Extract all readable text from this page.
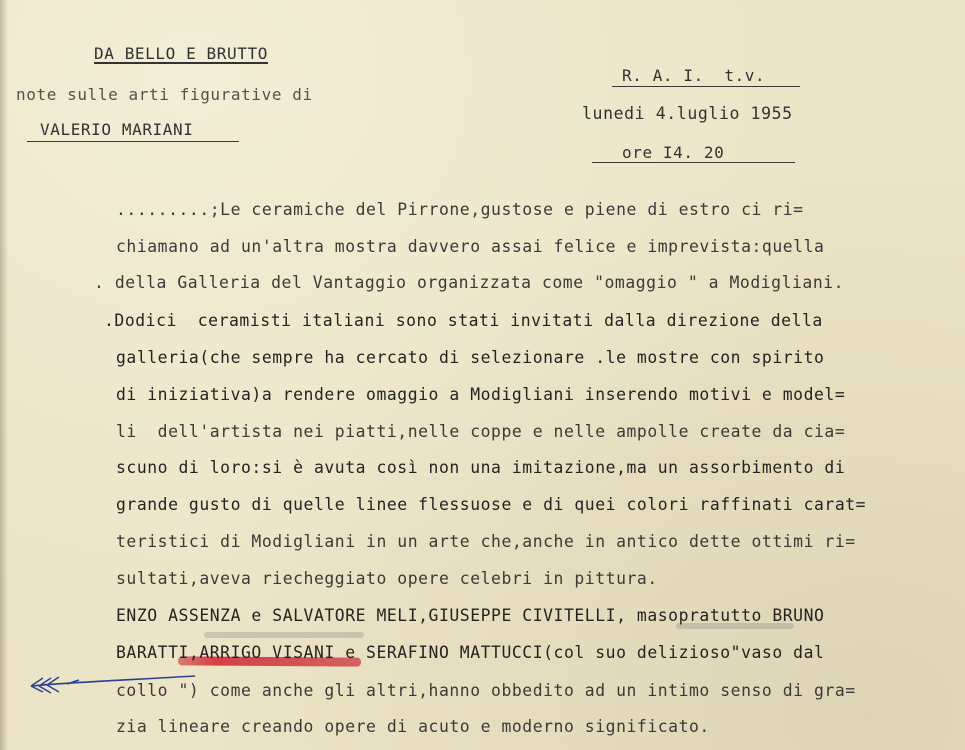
DA BELLO E BRUTTO
note sulle arti figurative di
VALERIO MARIANI
R. A. I.  t.v.
lunedi 4.luglio 1955
ore I4. 20
.........;Le ceramiche del Pirrone,gustose e piene di estro ci ri=
chiamano ad un'altra mostra davvero assai felice e imprevista:quella
. della Galleria del Vantaggio organizzata come "omaggio " a Modigliani.
.Dodici  ceramisti italiani sono stati invitati dalla direzione della
galleria(che sempre ha cercato di selezionare .le mostre con spirito
di iniziativa)a rendere omaggio a Modigliani inserendo motivi e model=
li  dell'artista nei piatti,nelle coppe e nelle ampolle create da cia=
scuno di loro:si è avuta così non una imitazione,ma un assorbimento di
grande gusto di quelle linee flessuose e di quei colori raffinati carat=
teristici di Modigliani in un arte che,anche in antico dette ottimi ri=
sultati,aveva riecheggiato opere celebri in pittura.
ENZO ASSENZA e SALVATORE MELI,GIUSEPPE CIVITELLI, masopratutto BRUNO
BARATTI,ARRIGO VISANI e SERAFINO MATTUCCI(col suo delizioso"vaso dal
collo ") come anche gli altri,hanno obbedito ad un intimo senso di gra=
zia lineare creando opere di acuto e moderno significato.
